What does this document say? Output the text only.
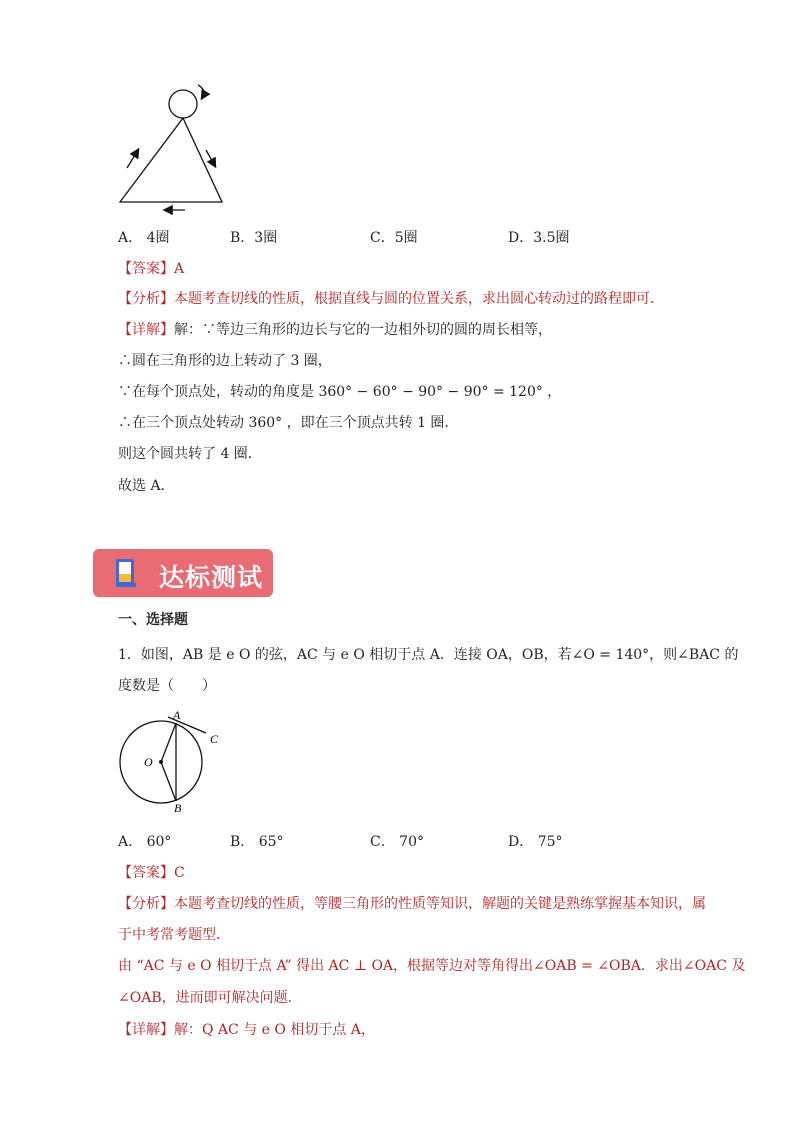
A． 4圈	B．3圈	C．5圈	D．3.5圈
【答案】A
【分析】本题考查切线的性质，根据直线与圆的位置关系，求出圆心转动过的路程即可．
【详解】解：∵等边三角形的边长与它的一边相外切的圆的周长相等，
∴圆在三角形的边上转动了 3 圈，
∵在每个顶点处，转动的角度是 360° − 60° − 90° − 90° = 120° ，
∴在三个顶点处转动 360° ，即在三个顶点共转 1 圈．
则这个圆共转了 4 圈．
故选 A．
达标测试
一、选择题
1．如图，AB 是 e O 的弦，AC 与 e O 相切于点 A．连接 OA，OB，若∠O = 140°，则∠BAC 的
度数是（　　）
A
C
O
B
A． 60°	B． 65°	C． 70°	D． 75°
【答案】C
【分析】本题考查切线的性质，等腰三角形的性质等知识，解题的关键是熟练掌握基本知识，属
于中考常考题型．
由 “AC 与 e O 相切于点 A” 得出 AC ⊥ OA，根据等边对等角得出∠OAB = ∠OBA．求出∠OAC 及
∠OAB，进而即可解决问题．
【详解】解：Q AC 与 e O 相切于点 A，
